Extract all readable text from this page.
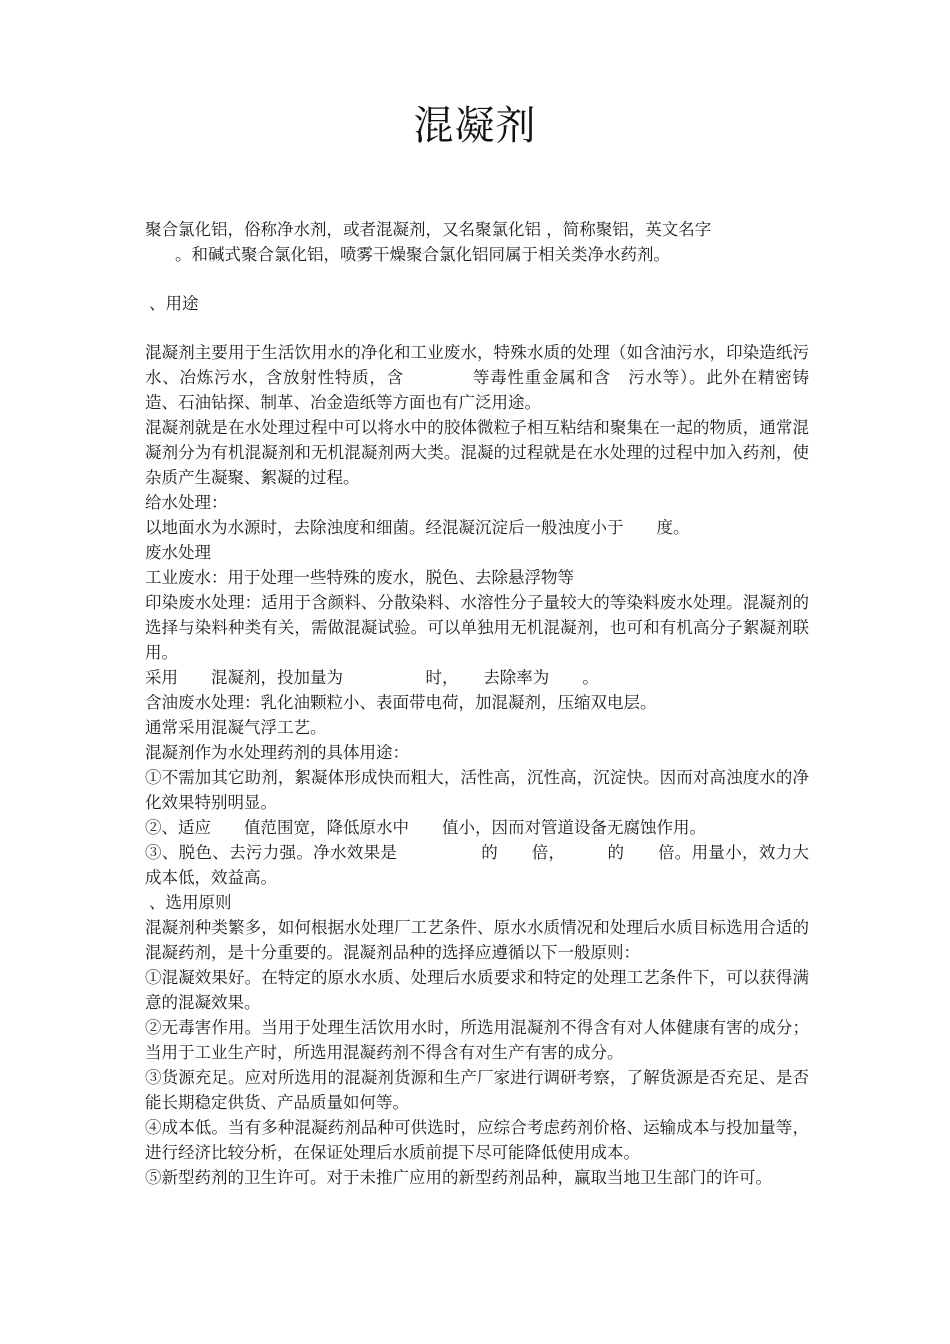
混凝剂

聚合氯化铝，俗称净水剂，或者混凝剂，又名聚氯化铝 ，简称聚铝，英文名字

。和碱式聚合氯化铝，喷雾干燥聚合氯化铝同属于相关类净水药剂。

、用途

混凝剂主要用于生活饮用水的净化和工业废水，特殊水质的处理（如含油污水，印染造纸污水、冶炼污水，含放射性特质，含　　　　等毒性重金属和含　污水等）。此外在精密铸造、石油钻探、制革、冶金造纸等方面也有广泛用途。

混凝剂就是在水处理过程中可以将水中的胶体微粒子相互粘结和聚集在一起的物质，通常混凝剂分为有机混凝剂和无机混凝剂两大类。混凝的过程就是在水处理的过程中加入药剂，使杂质产生凝聚、絮凝的过程。

给水处理：

以地面水为水源时，去除浊度和细菌。经混凝沉淀后一般浊度小于　　度。

废水处理

工业废水：用于处理一些特殊的废水，脱色、去除悬浮物等

印染废水处理：适用于含颜料、分散染料、水溶性分子量较大的等染料废水处理。混凝剂的选择与染料种类有关，需做混凝试验。可以单独用无机混凝剂，也可和有机高分子絮凝剂联用。

采用　　混凝剂，投加量为　　　　　时，　　去除率为　　。

含油废水处理：乳化油颗粒小、表面带电荷，加混凝剂，压缩双电层。

通常采用混凝气浮工艺。

混凝剂作为水处理药剂的具体用途：

①不需加其它助剂，絮凝体形成快而粗大，活性高，沉性高，沉淀快。因而对高浊度水的净化效果特别明显。

②、适应　　值范围宽，降低原水中　　值小，因而对管道设备无腐蚀作用。

③、脱色、去污力强。净水效果是　　　　　的　　倍，　　　的　　倍。用量小，效力大　成本低，效益高。

、选用原则

混凝剂种类繁多，如何根据水处理厂工艺条件、原水水质情况和处理后水质目标选用合适的混凝药剂，是十分重要的。混凝剂品种的选择应遵循以下一般原则：

①混凝效果好。在特定的原水水质、处理后水质要求和特定的处理工艺条件下，可以获得满意的混凝效果。

②无毒害作用。当用于处理生活饮用水时，所选用混凝剂不得含有对人体健康有害的成分；当用于工业生产时，所选用混凝药剂不得含有对生产有害的成分。

③货源充足。应对所选用的混凝剂货源和生产厂家进行调研考察，了解货源是否充足、是否能长期稳定供货、产品质量如何等。

④成本低。当有多种混凝药剂品种可供选时，应综合考虑药剂价格、运输成本与投加量等，进行经济比较分析，在保证处理后水质前提下尽可能降低使用成本。

⑤新型药剂的卫生许可。对于未推广应用的新型药剂品种，赢取当地卫生部门的许可。
